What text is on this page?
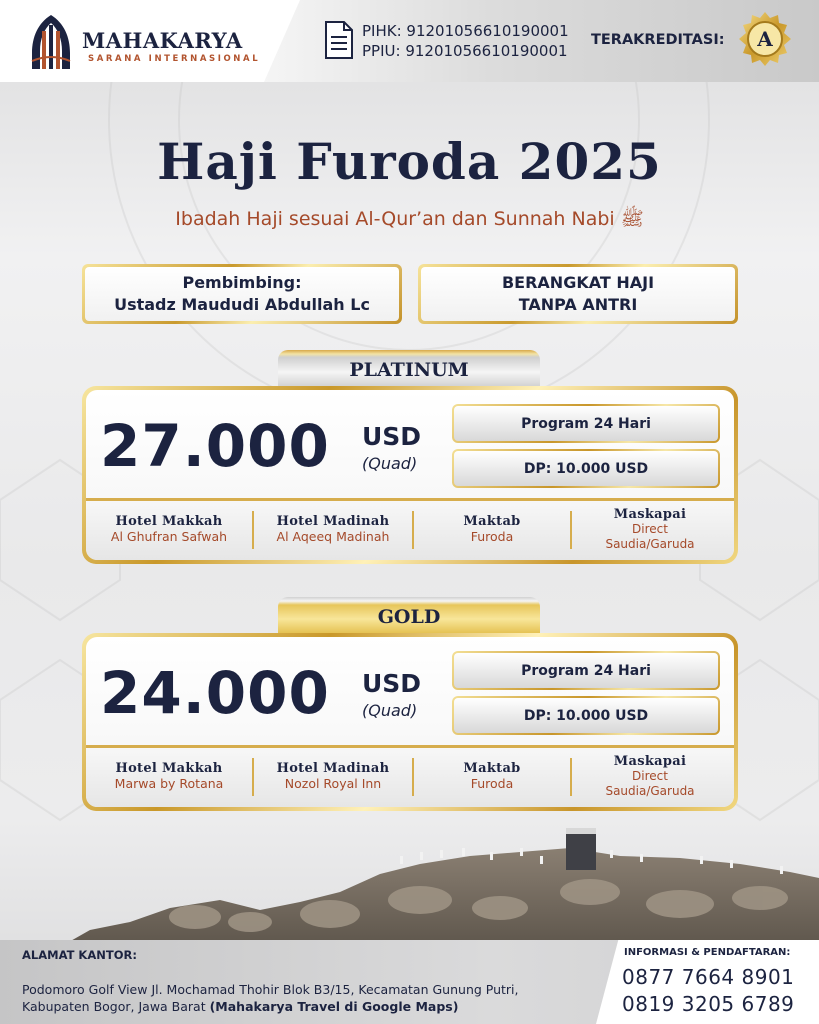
MAHAKARYA
SARANA INTERNASIONAL
PIHK: 91201056610190001
PPIU: 91201056610190001
TERAKREDITASI: A
Haji Furoda 2025
Ibadah Haji sesuai Al-Qur’an dan Sunnah Nabi ﷺ
Pembimbing:
Ustadz Maududi Abdullah Lc
BERANGKAT HAJI
TANPA ANTRI
PLATINUM
27.000 USD
(Quad)
Program 24 Hari
DP: 10.000 USD
Hotel Makkah
Al Ghufran Safwah
Hotel Madinah
Al Aqeeq Madinah
Maktab
Furoda
Maskapai
Direct
Saudia/Garuda
GOLD
24.000 USD
(Quad)
Program 24 Hari
DP: 10.000 USD
Hotel Makkah
Marwa by Rotana
Hotel Madinah
Nozol Royal Inn
Maktab
Furoda
Maskapai
Direct
Saudia/Garuda
ALAMAT KANTOR:
Podomoro Golf View Jl. Mochamad Thohir Blok B3/15, Kecamatan Gunung Putri, Kabupaten Bogor, Jawa Barat (Mahakarya Travel di Google Maps)
INFORMASI & PENDAFTARAN:
0877 7664 8901
0819 3205 6789
